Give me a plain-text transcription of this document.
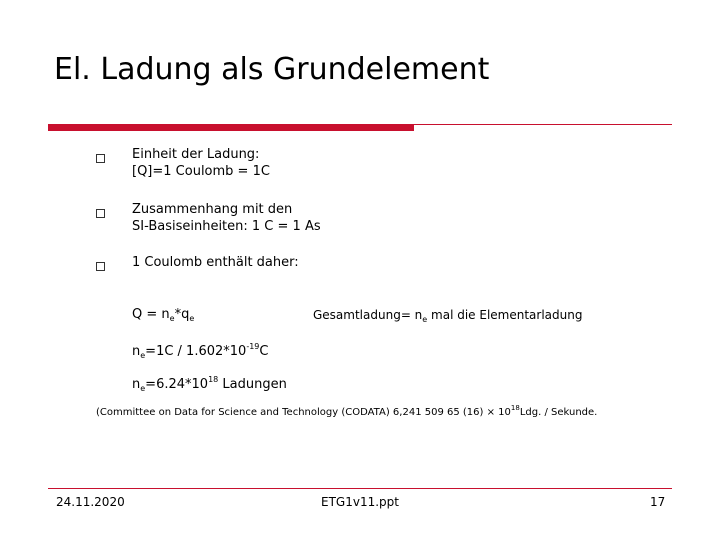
El. Ladung als Grundelement
Einheit der Ladung:
[Q]=1 Coulomb = 1C
Zusammenhang mit den
SI-Basiseinheiten: 1 C = 1 As
1 Coulomb enthält daher:
$Q = n_e*q_e$	Gesamtladung= $n_e$ mal die Elementarladung
$n_e=1C / 1.602*10^{-19}C$
$n_e=6.24*10^{18}$ Ladungen
(Committee on Data for Science and Technology (CODATA) 6,241 509 65 $(16) \times 10^{18}Ldg$. / Sekunde.
24.11.2020	ETG1v11.ppt	17
